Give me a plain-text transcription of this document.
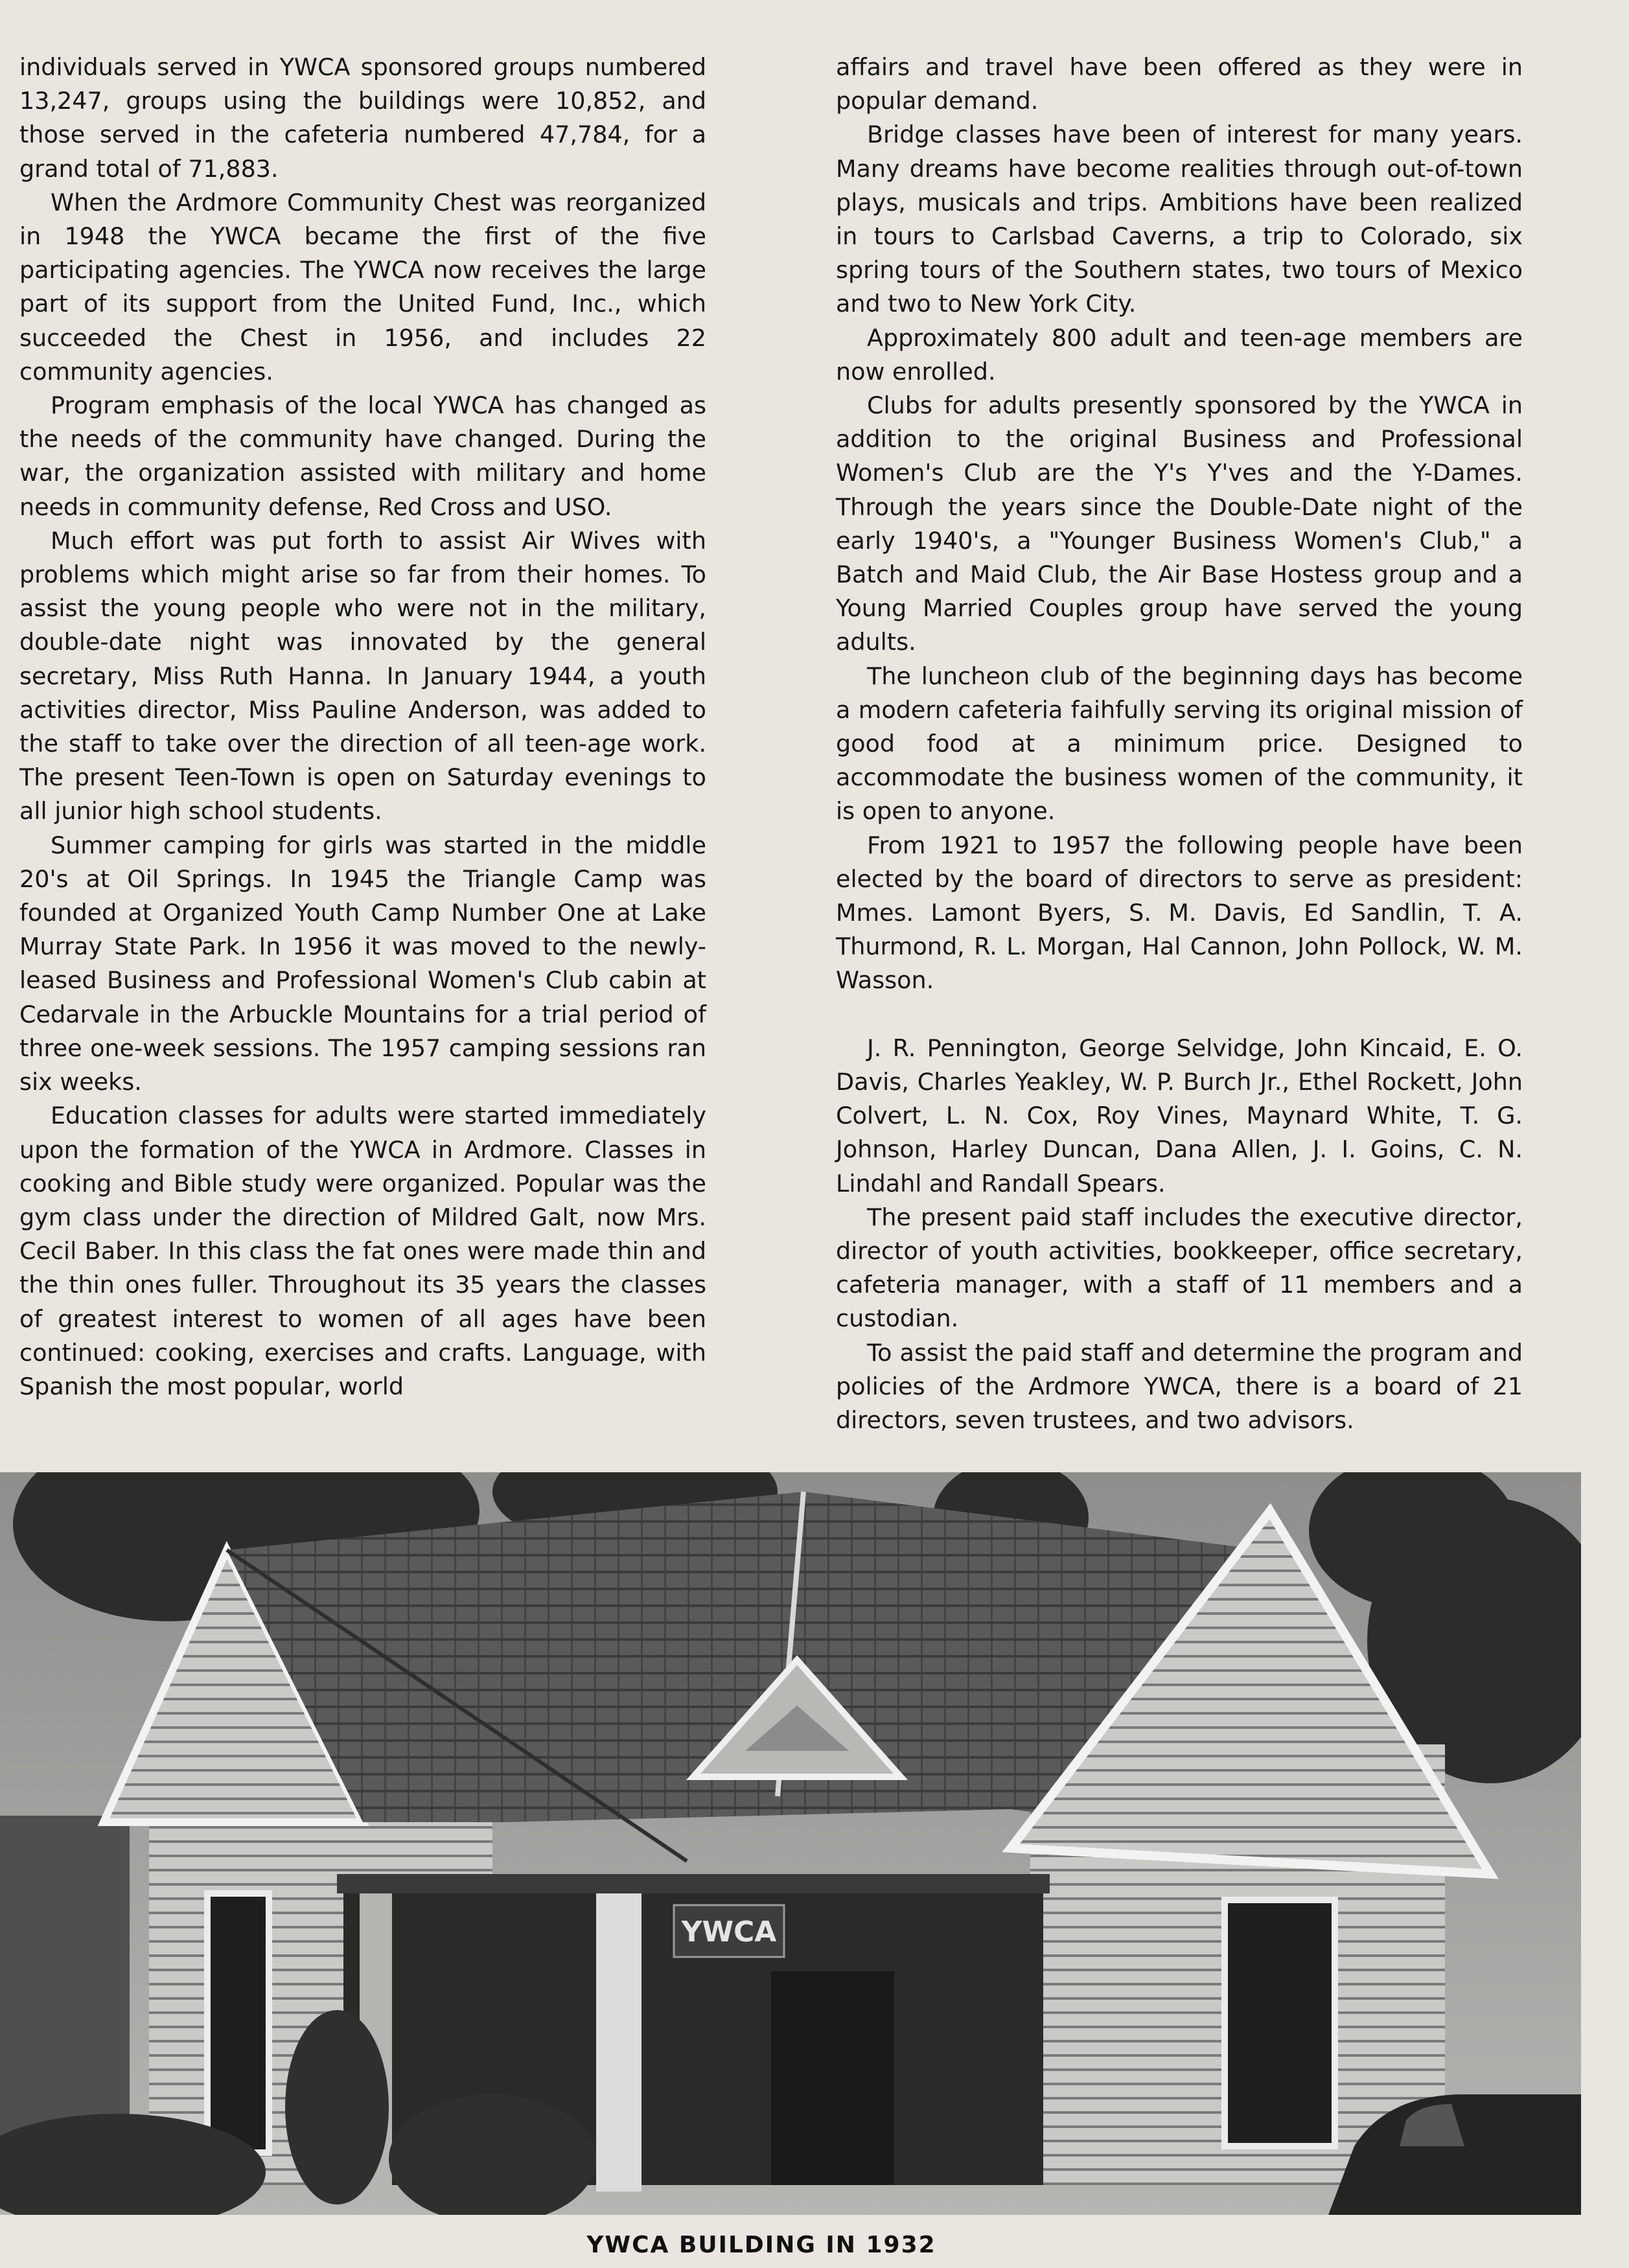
individuals served in YWCA sponsored groups numbered 13,247, groups using the buildings were 10,852, and those served in the cafeteria numbered 47,784, for a grand total of 71,883.

When the Ardmore Community Chest was reorganized in 1948 the YWCA became the first of the five participating agencies. The YWCA now receives the large part of its support from the United Fund, Inc., which succeeded the Chest in 1956, and includes 22 community agencies.

Program emphasis of the local YWCA has changed as the needs of the community have changed. During the war, the organization assisted with military and home needs in community defense, Red Cross and USO.

Much effort was put forth to assist Air Wives with problems which might arise so far from their homes. To assist the young people who were not in the military, double-date night was innovated by the general secretary, Miss Ruth Hanna. In January 1944, a youth activities director, Miss Pauline Anderson, was added to the staff to take over the direction of all teen-age work. The present Teen-Town is open on Saturday evenings to all junior high school students.

Summer camping for girls was started in the middle 20's at Oil Springs. In 1945 the Triangle Camp was founded at Organized Youth Camp Number One at Lake Murray State Park. In 1956 it was moved to the newly-leased Business and Professional Women's Club cabin at Cedarvale in the Arbuckle Mountains for a trial period of three one-week sessions. The 1957 camping sessions ran six weeks.

Education classes for adults were started immediately upon the formation of the YWCA in Ardmore. Classes in cooking and Bible study were organized. Popular was the gym class under the direction of Mildred Galt, now Mrs. Cecil Baber. In this class the fat ones were made thin and the thin ones fuller. Throughout its 35 years the classes of greatest interest to women of all ages have been continued: cooking, exercises and crafts. Language, with Spanish the most popular, world

affairs and travel have been offered as they were in popular demand.

Bridge classes have been of interest for many years. Many dreams have become realities through out-of-town plays, musicals and trips. Ambitions have been realized in tours to Carlsbad Caverns, a trip to Colorado, six spring tours of the Southern states, two tours of Mexico and two to New York City.

Approximately 800 adult and teen-age members are now enrolled.

Clubs for adults presently sponsored by the YWCA in addition to the original Business and Professional Women's Club are the Y's Y'ves and the Y-Dames. Through the years since the Double-Date night of the early 1940's, a "Younger Business Women's Club," a Batch and Maid Club, the Air Base Hostess group and a Young Married Couples group have served the young adults.

The luncheon club of the beginning days has become a modern cafeteria faihfully serving its original mission of good food at a minimum price. Designed to accommodate the business women of the community, it is open to anyone.

From 1921 to 1957 the following people have been elected by the board of directors to serve as president: Mmes. Lamont Byers, S. M. Davis, Ed Sandlin, T. A. Thurmond, R. L. Morgan, Hal Cannon, John Pollock, W. M. Wasson.

J. R. Pennington, George Selvidge, John Kincaid, E. O. Davis, Charles Yeakley, W. P. Burch Jr., Ethel Rockett, John Colvert, L. N. Cox, Roy Vines, Maynard White, T. G. Johnson, Harley Duncan, Dana Allen, J. I. Goins, C. N. Lindahl and Randall Spears.

The present paid staff includes the executive director, director of youth activities, bookkeeper, office secretary, cafeteria manager, with a staff of 11 members and a custodian.

To assist the paid staff and determine the program and policies of the Ardmore YWCA, there is a board of 21 directors, seven trustees, and two advisors.

YWCA
YWCA BUILDING IN 1932
